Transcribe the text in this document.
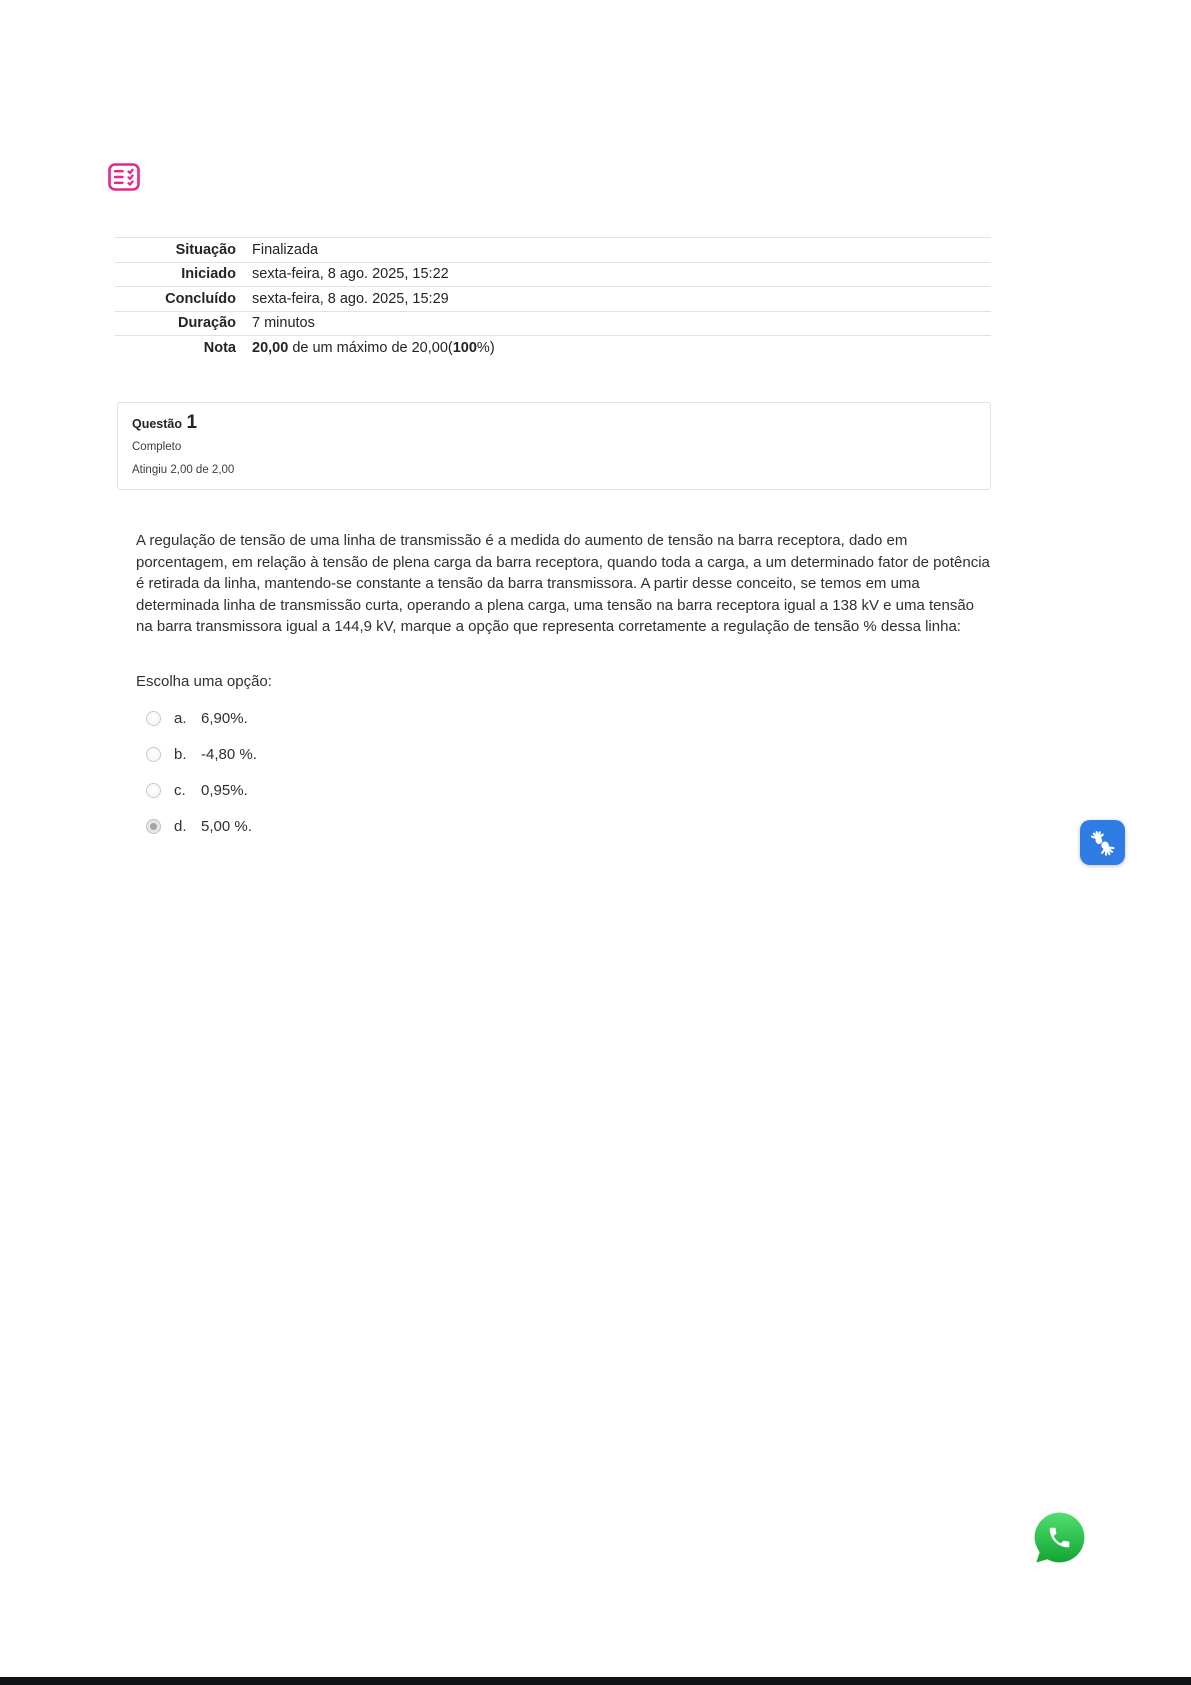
Situação	Finalizada
Iniciado	sexta-feira, 8 ago. 2025, 15:22
Concluído	sexta-feira, 8 ago. 2025, 15:29
Duração	7 minutos
Nota	20,00 de um máximo de 20,00(100%)
Questão 1
Completo
Atingiu 2,00 de 2,00
A regulação de tensão de uma linha de transmissão é a medida do aumento de tensão na barra receptora, dado em porcentagem, em relação à tensão de plena carga da barra receptora, quando toda a carga, a um determinado fator de potência é retirada da linha, mantendo-se constante a tensão da barra transmissora. A partir desse conceito, se temos em uma determinada linha de transmissão curta, operando a plena carga, uma tensão na barra receptora igual a 138 kV e uma tensão na barra transmissora igual a 144,9 kV, marque a opção que representa corretamente a regulação de tensão % dessa linha:
Escolha uma opção:
a. 6,90%.
b. -4,80 %.
c.	0,95%.
d. 5,00 %.
